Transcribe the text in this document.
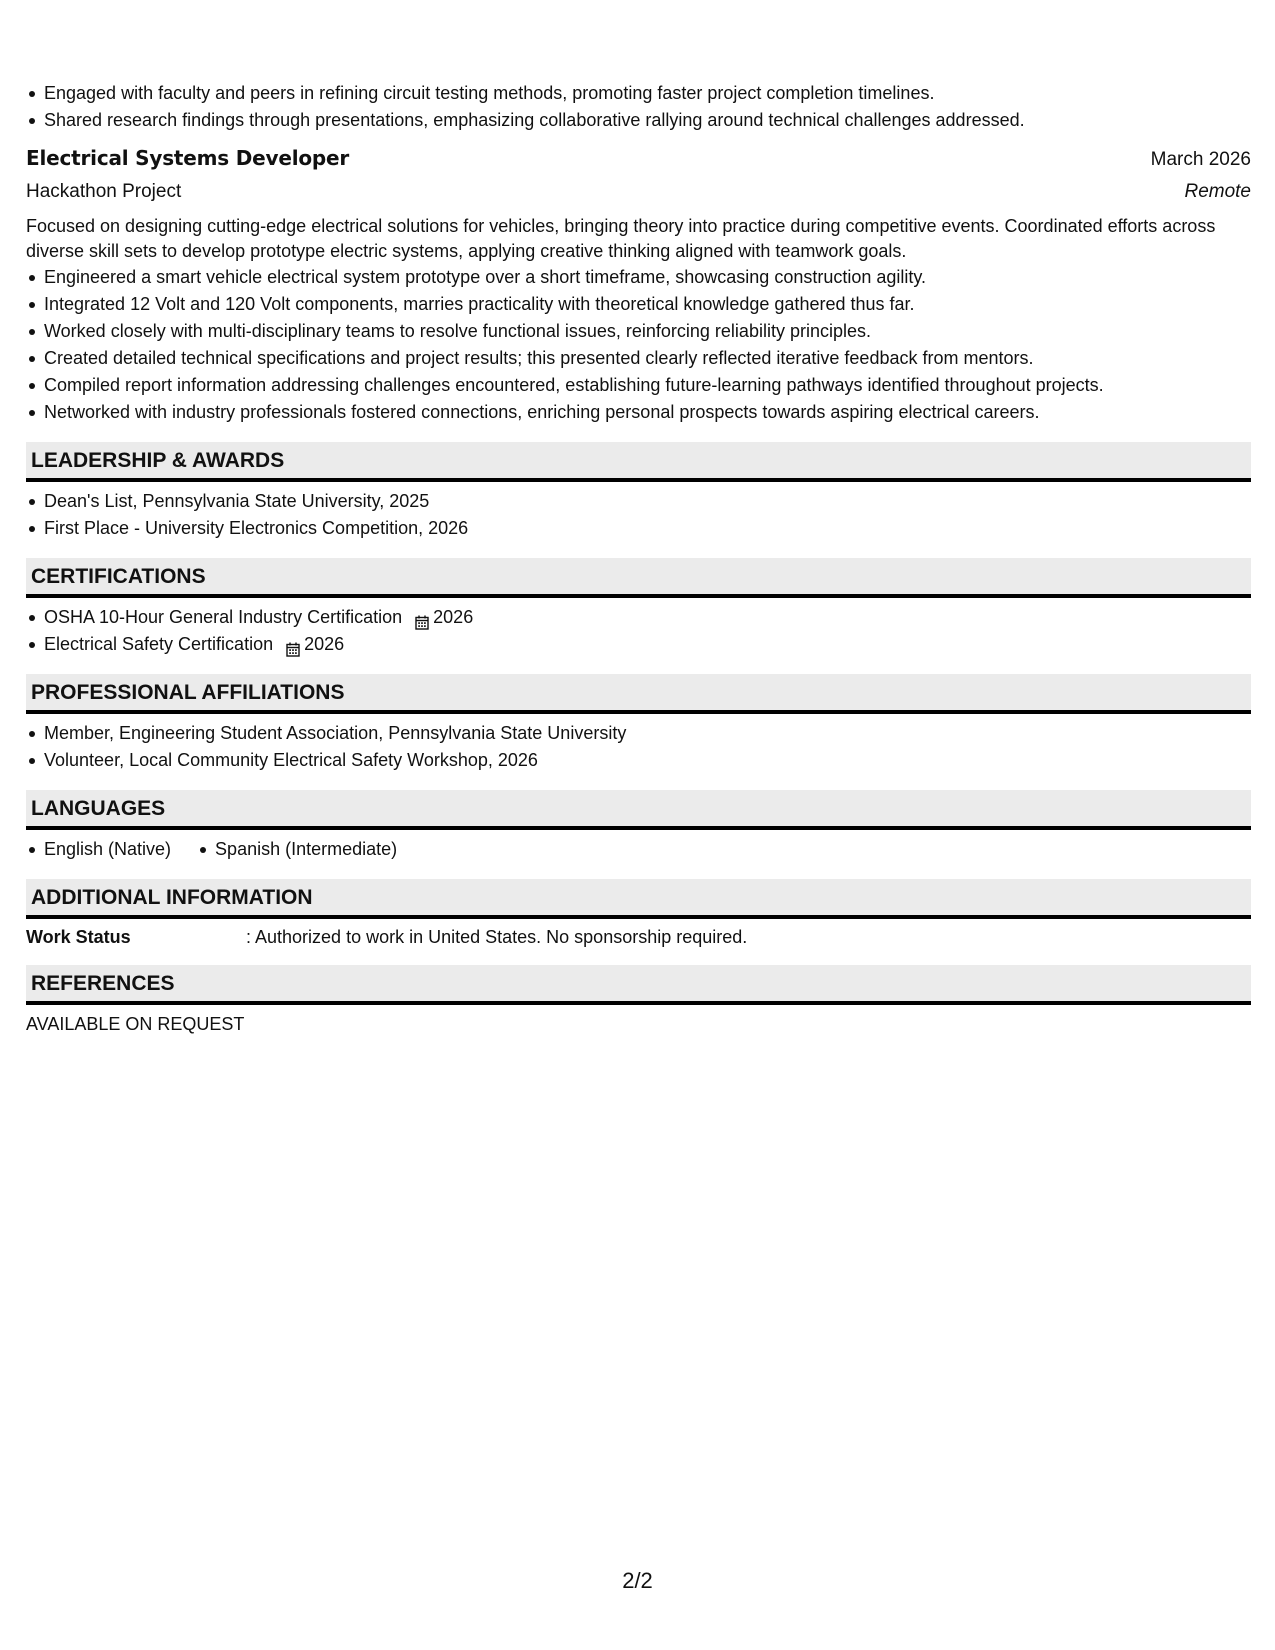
Engaged with faculty and peers in refining circuit testing methods, promoting faster project completion timelines.
Shared research findings through presentations, emphasizing collaborative rallying around technical challenges addressed.
Electrical Systems Developer	March 2026
Hackathon Project	Remote
Focused on designing cutting-edge electrical solutions for vehicles, bringing theory into practice during competitive events. Coordinated efforts across diverse skill sets to develop prototype electric systems, applying creative thinking aligned with teamwork goals.
Engineered a smart vehicle electrical system prototype over a short timeframe, showcasing construction agility.
Integrated 12 Volt and 120 Volt components, marries practicality with theoretical knowledge gathered thus far.
Worked closely with multi-disciplinary teams to resolve functional issues, reinforcing reliability principles.
Created detailed technical specifications and project results; this presented clearly reflected iterative feedback from mentors.
Compiled report information addressing challenges encountered, establishing future-learning pathways identified throughout projects.
Networked with industry professionals fostered connections, enriching personal prospects towards aspiring electrical careers.
LEADERSHIP & AWARDS
Dean's List, Pennsylvania State University, 2025
First Place - University Electronics Competition, 2026
CERTIFICATIONS
OSHA 10-Hour General Industry Certification 2026
Electrical Safety Certification 2026
PROFESSIONAL AFFILIATIONS
Member, Engineering Student Association, Pennsylvania State University
Volunteer, Local Community Electrical Safety Workshop, 2026
LANGUAGES
English (Native) Spanish (Intermediate)
ADDITIONAL INFORMATION
Work Status	: Authorized to work in United States. No sponsorship required.
REFERENCES
AVAILABLE ON REQUEST
2/2
